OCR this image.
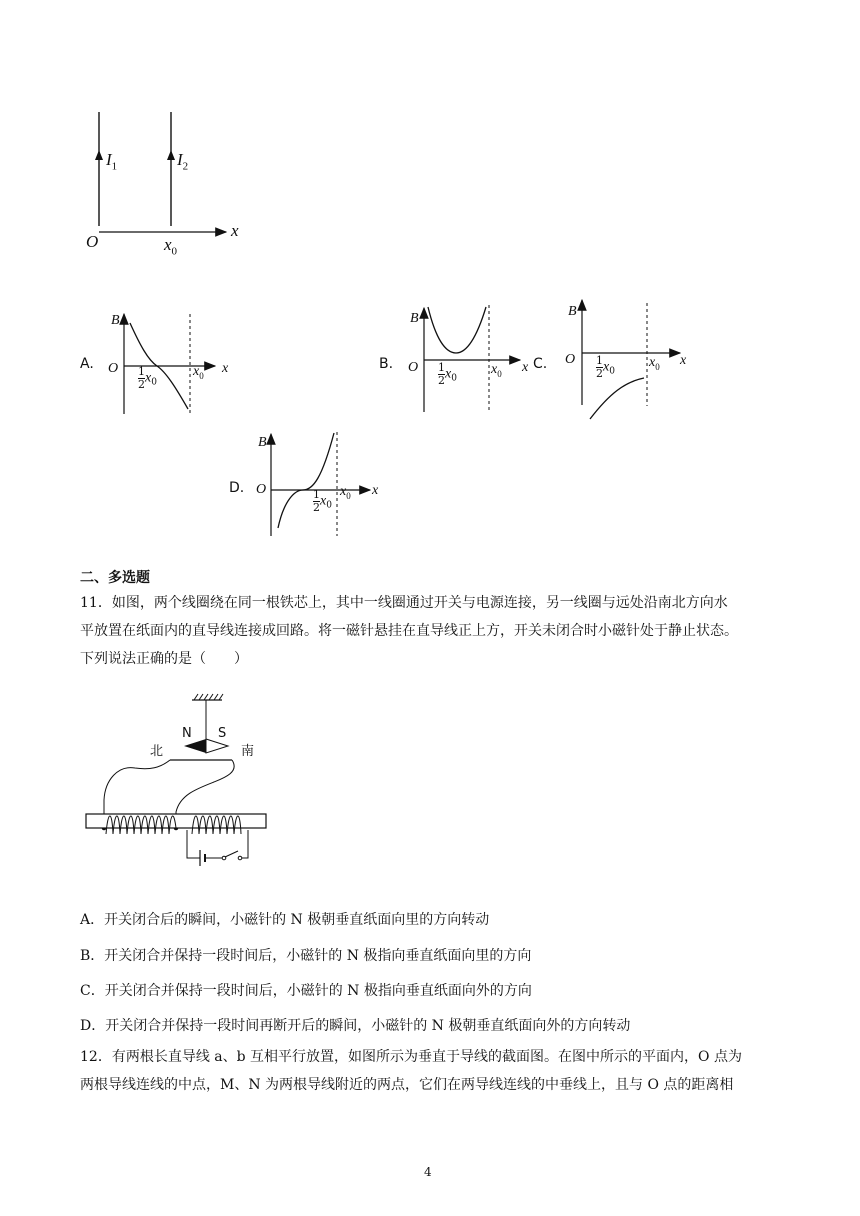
$I_1$	$I_2$
O	$x_0$
x
A.
B
O	x
$x_0$
$\frac{1}{2} x_0$
B.
B
O	x
$x_0$
$\frac{1}{2} x_0$
C.
B
O	x
$x_0$
$\frac{1}{2} x_0$
D.
B
O	x
$x_0$
$\frac{1}{2} x_0$
二、多选题
11．如图，两个线圈绕在同一根铁芯上，其中一线圈通过开关与电源连接，另一线圈与远处沿南北方向水
平放置在纸面内的直导线连接成回路。将一磁针悬挂在直导线正上方，开关未闭合时小磁针处于静止状态。
下列说法正确的是（　　）
N S
北	南
A．开关闭合后的瞬间，小磁针的 N 极朝垂直纸面向里的方向转动
B．开关闭合并保持一段时间后，小磁针的 N 极指向垂直纸面向里的方向
C．开关闭合并保持一段时间后，小磁针的 N 极指向垂直纸面向外的方向
D．开关闭合并保持一段时间再断开后的瞬间，小磁针的 N 极朝垂直纸面向外的方向转动
12．有两根长直导线 a、b 互相平行放置，如图所示为垂直于导线的截面图。在图中所示的平面内，O 点为
两根导线连线的中点，M、N 为两根导线附近的两点，它们在两导线连线的中垂线上，且与 O 点的距离相
4
